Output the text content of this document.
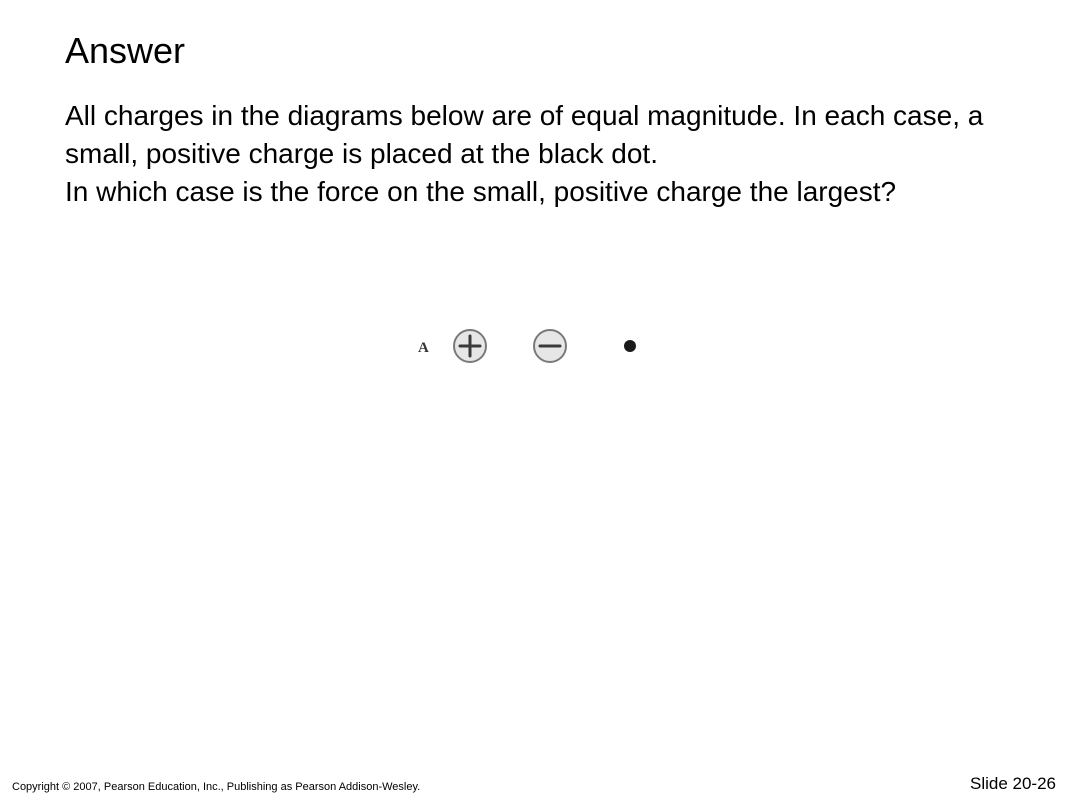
Answer

All charges in the diagrams below are of equal magnitude. In each case, a small, positive charge is placed at the black dot.

In which case is the force on the small, positive charge the largest?

A
Copyright © 2007, Pearson Education, Inc., Publishing as Pearson Addison-Wesley.	Slide 20-26
